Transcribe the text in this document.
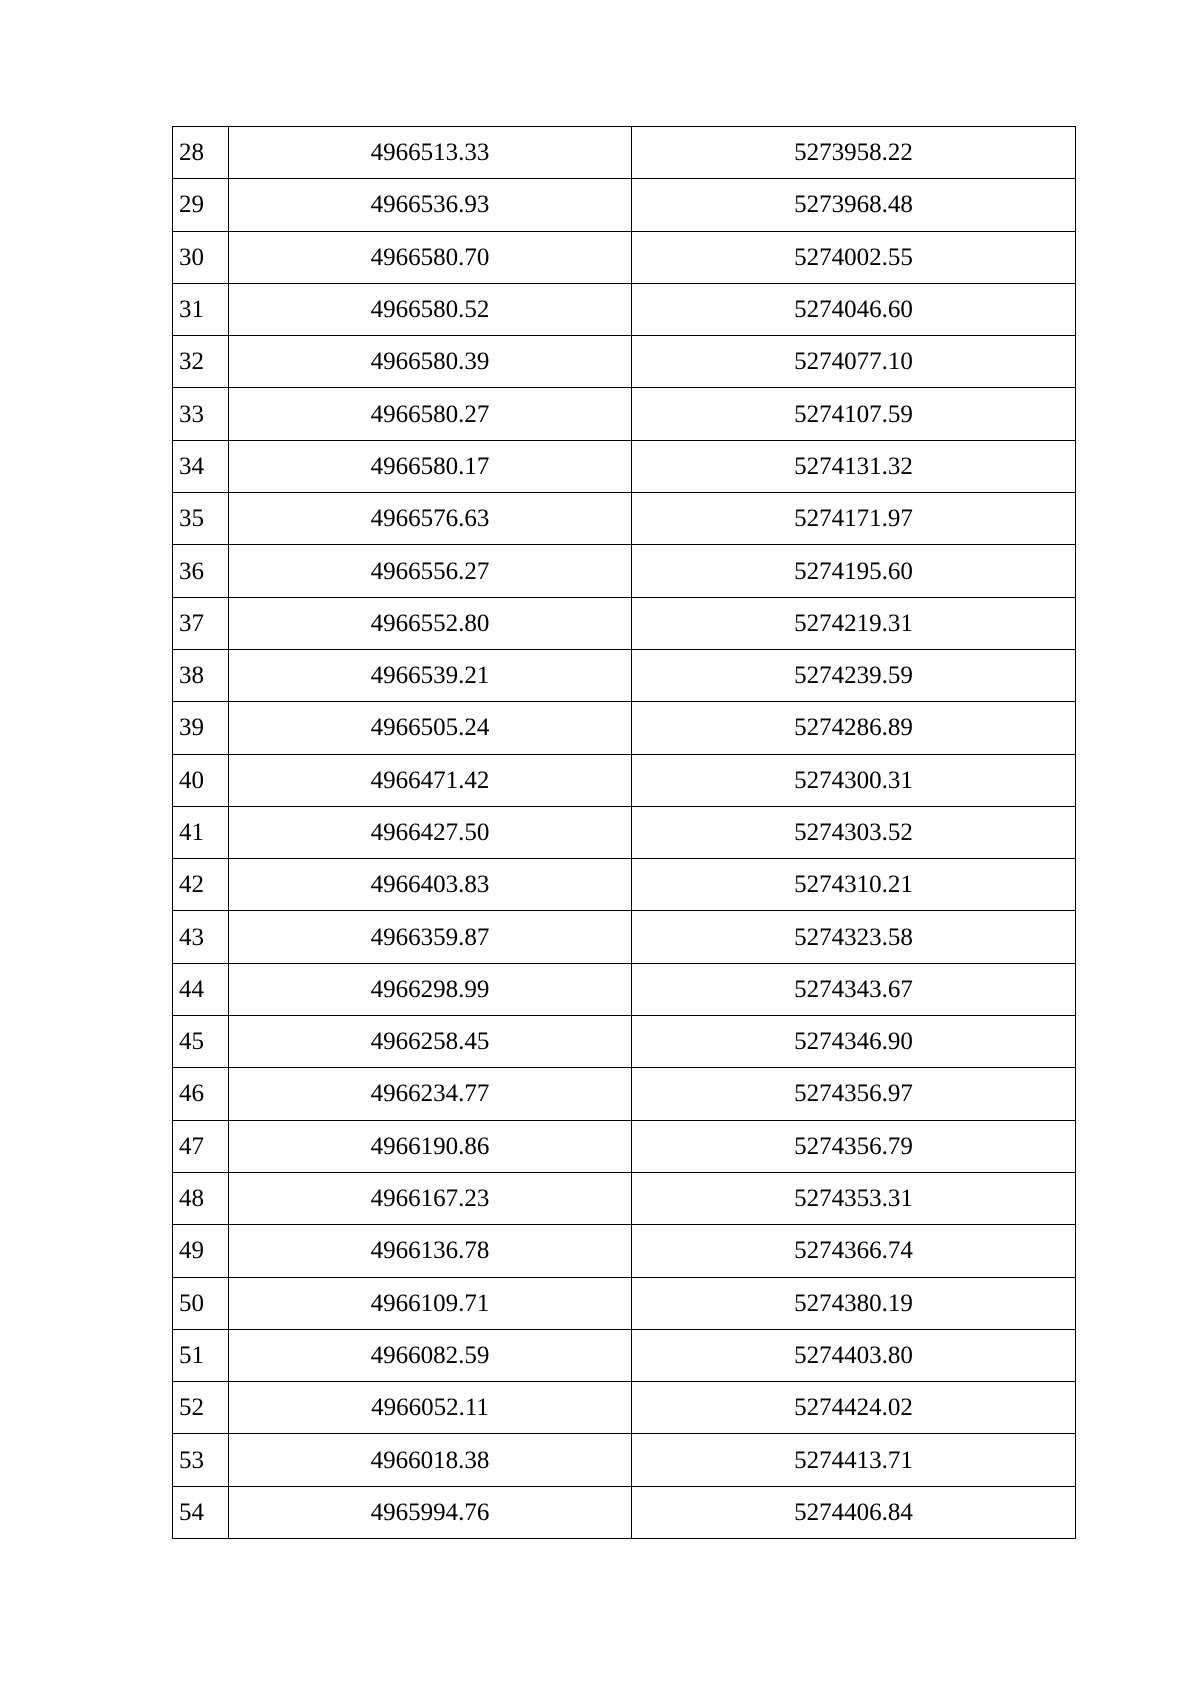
28	4966513.33	5273958.22
29	4966536.93	5273968.48
30	4966580.70	5274002.55
31	4966580.52	5274046.60
32	4966580.39	5274077.10
33	4966580.27	5274107.59
34	4966580.17	5274131.32
35	4966576.63	5274171.97
36	4966556.27	5274195.60
37	4966552.80	5274219.31
38	4966539.21	5274239.59
39	4966505.24	5274286.89
40	4966471.42	5274300.31
41	4966427.50	5274303.52
42	4966403.83	5274310.21
43	4966359.87	5274323.58
44	4966298.99	5274343.67
45	4966258.45	5274346.90
46	4966234.77	5274356.97
47	4966190.86	5274356.79
48	4966167.23	5274353.31
49	4966136.78	5274366.74
50	4966109.71	5274380.19
51	4966082.59	5274403.80
52	4966052.11	5274424.02
53	4966018.38	5274413.71
54	4965994.76	5274406.84
